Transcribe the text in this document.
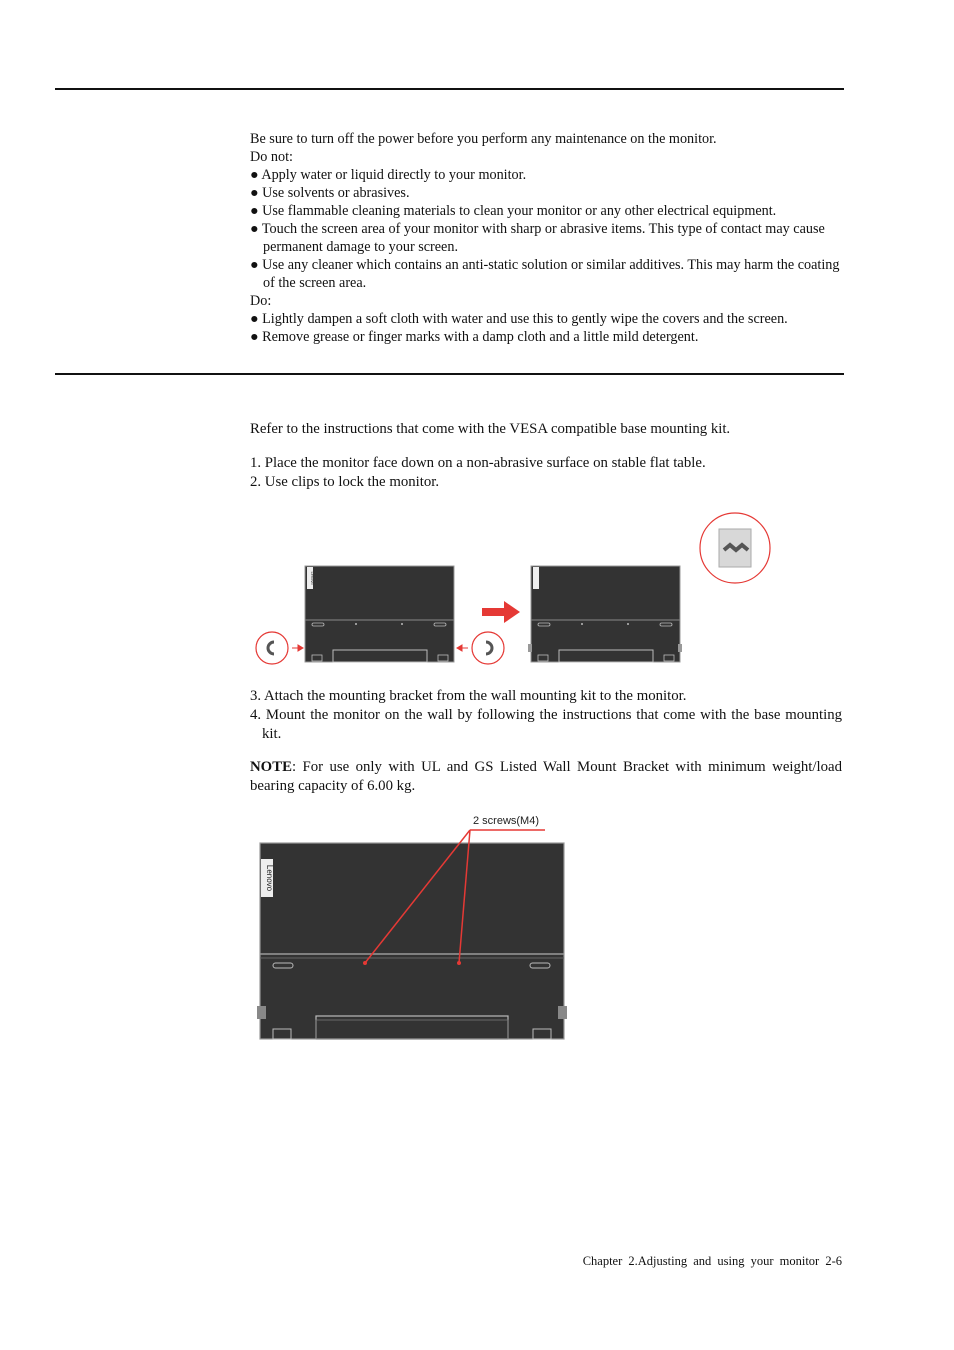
Be sure to turn off the power before you perform any maintenance on the monitor.

Do not:

● Apply water or liquid directly to your monitor.

● Use solvents or abrasives.

● Use flammable cleaning materials to clean your monitor or any other electrical equipment.

● Touch the screen area of your monitor with sharp or abrasive items. This type of contact may cause permanent damage to your screen.

● Use any cleaner which contains an anti-static solution or similar additives. This may harm the coating of the screen area.

Do:

● Lightly dampen a soft cloth with water and use this to gently wipe the covers and the screen.

● Remove grease or finger marks with a damp cloth and a little mild detergent.

Refer to the instructions that come with the VESA compatible base mounting kit.

1. Place the monitor face down on a non-abrasive surface on stable flat table.

2. Use clips to lock the monitor.

Lenovo

3. Attach the mounting bracket from the wall mounting kit to the monitor.

4. Mount the monitor on the wall by following the instructions that come with the base mounting kit.

NOTE: For use only with UL and GS Listed Wall Mount Bracket with minimum weight/load bearing capacity of 6.00 kg.

2 screws(M4)
Lenovo
Chapter 2.Adjusting and using your monitor 2-6
